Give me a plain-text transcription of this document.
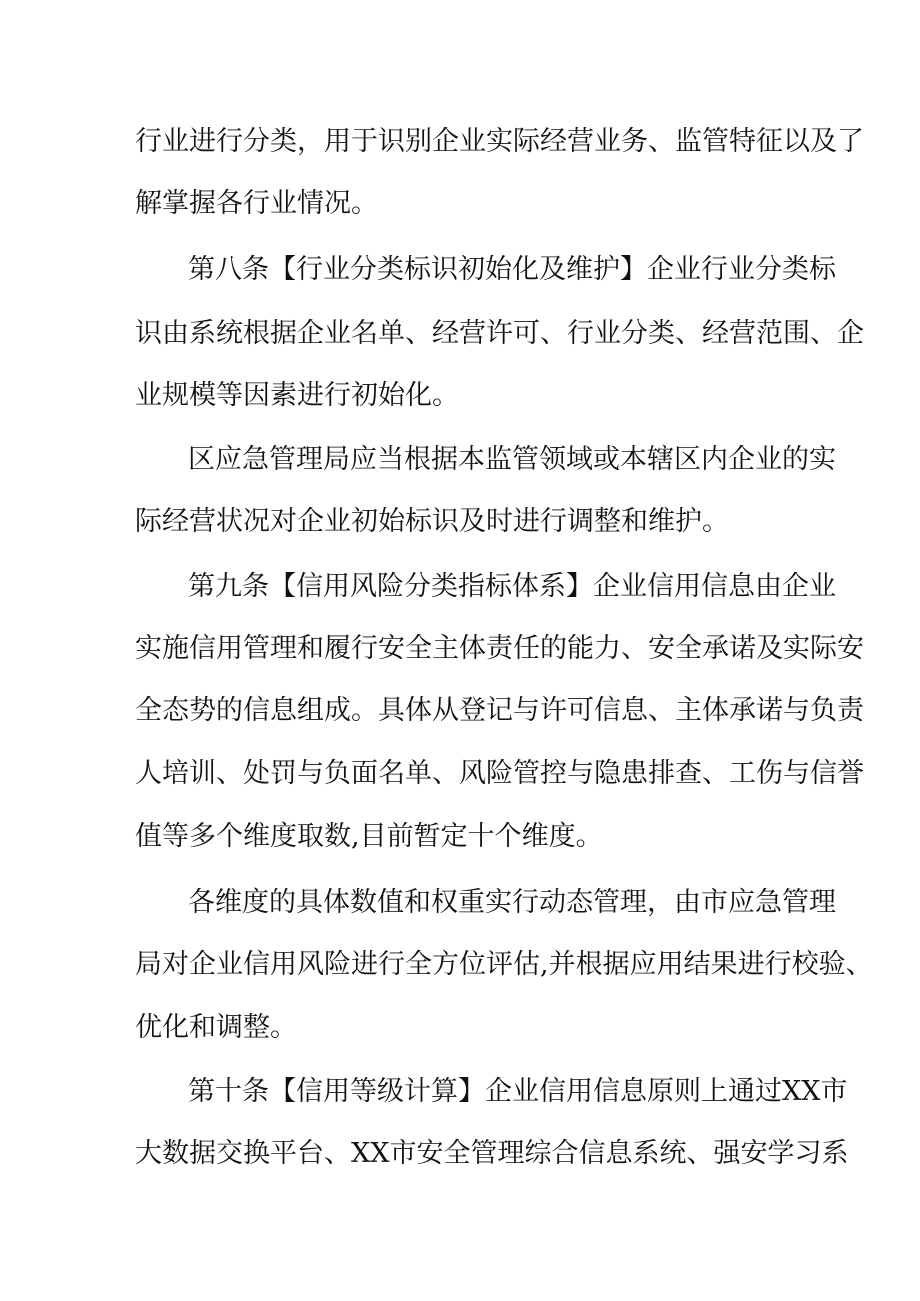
行业进行分类，用于识别企业实际经营业务、监管特征以及了
解掌握各行业情况。
第八条【行业分类标识初始化及维护】企业行业分类标
识由系统根据企业名单、经营许可、行业分类、经营范围、企
业规模等因素进行初始化。
区应急管理局应当根据本监管领域或本辖区内企业的实
际经营状况对企业初始标识及时进行调整和维护。
第九条【信用风险分类指标体系】企业信用信息由企业
实施信用管理和履行安全主体责任的能力、安全承诺及实际安
全态势的信息组成。具体从登记与许可信息、主体承诺与负责
人培训、处罚与负面名单、风险管控与隐患排查、工伤与信誉
值等多个维度取数,目前暂定十个维度。
各维度的具体数值和权重实行动态管理，由市应急管理
局对企业信用风险进行全方位评估,并根据应用结果进行校验、
优化和调整。
第十条【信用等级计算】企业信用信息原则上通过XX市
大数据交换平台、XX市安全管理综合信息系统、强安学习系
